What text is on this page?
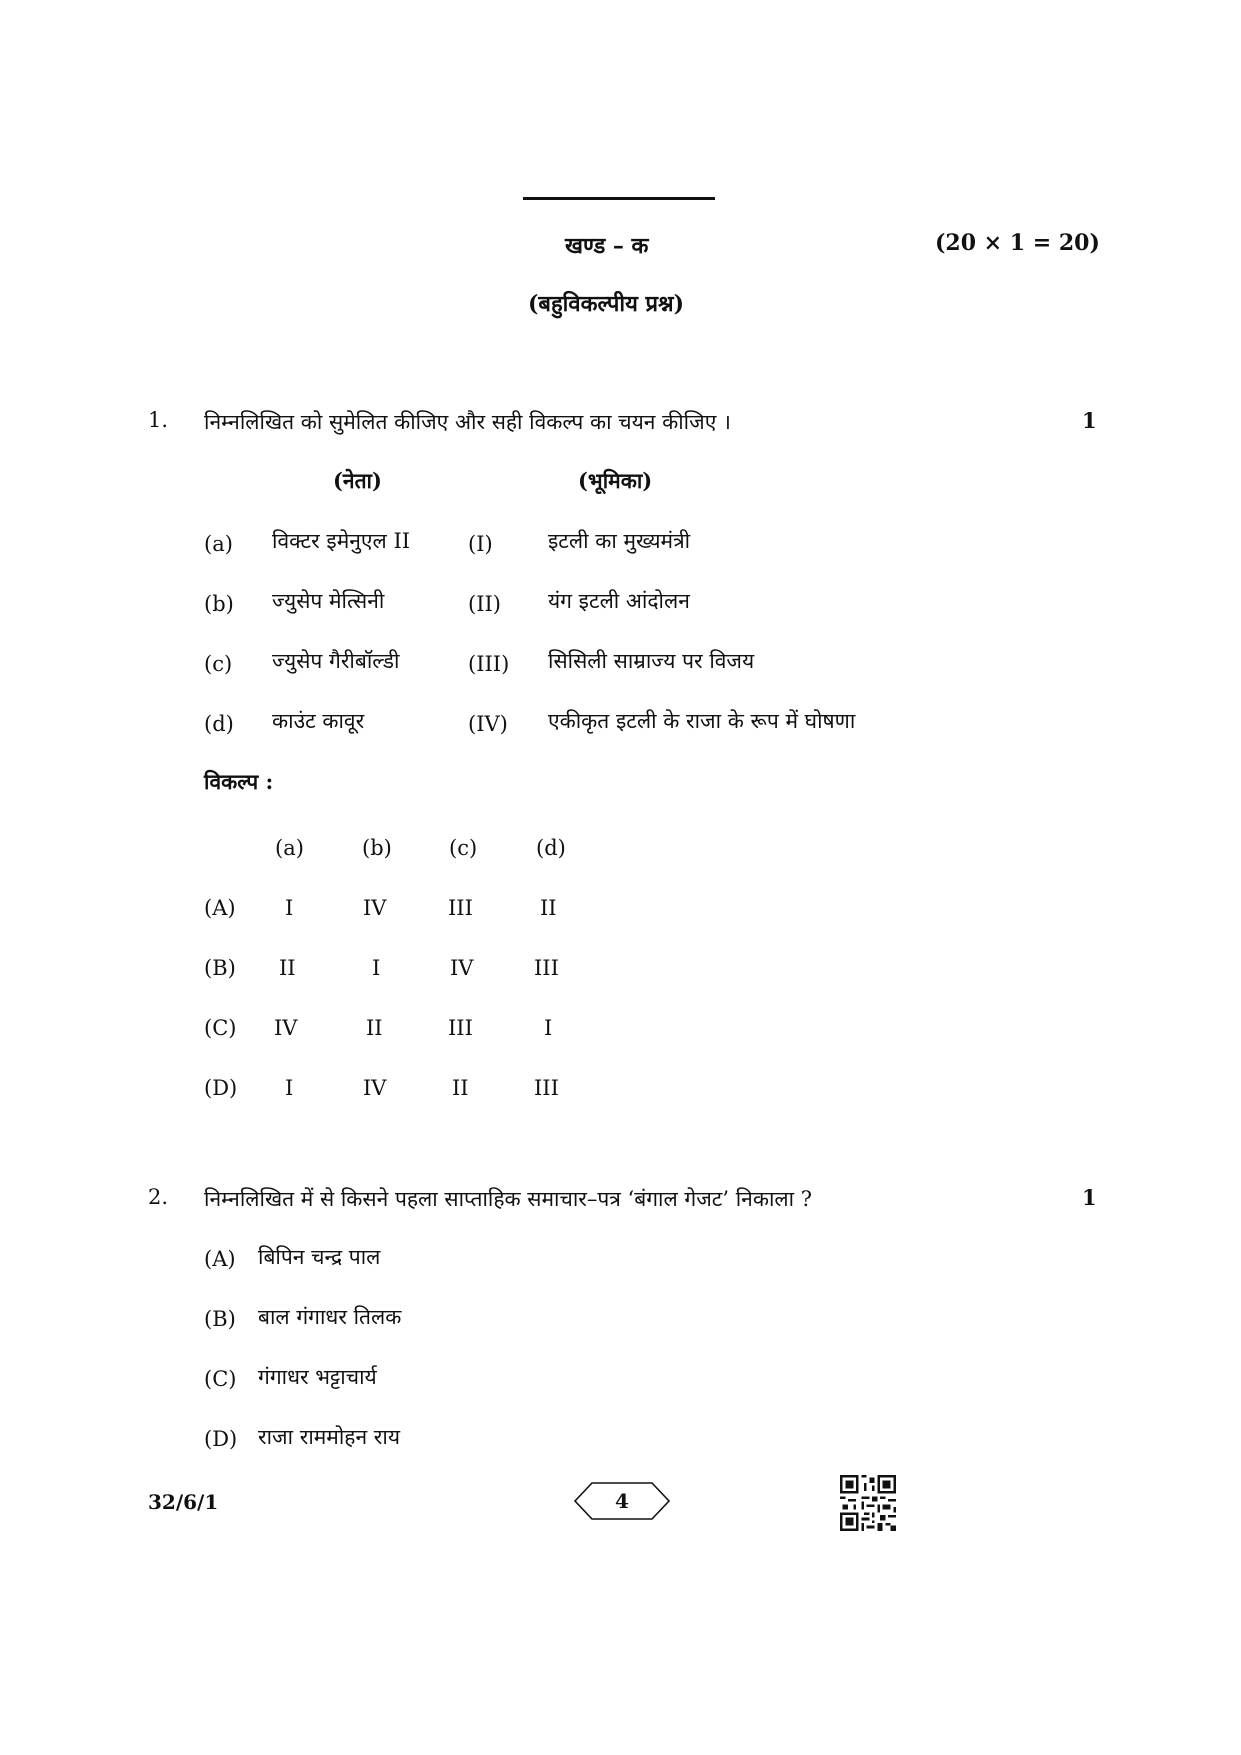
खण्ड – क	(20 × 1 = 20)
(बहुविकल्पीय प्रश्न)
1. निम्नलिखित को सुमेलित कीजिए और सही विकल्प का चयन कीजिए ।	1
(नेता)	(भूमिका)
(a) विक्टर इमेनुएल II	(I)	इटली का मुख्यमंत्री
(b) ज्युसेप मेत्सिनी	(II) यंग इटली आंदोलन
(c) ज्युसेप गैरीबॉल्डी	(III) सिसिली साम्राज्य पर विजय
(d) काउंट कावूर	(IV) एकीकृत इटली के राजा के रूप में घोषणा
विकल्प :
(a)	(b)	(c)	(d)
(A) I	IV	III	II
(B) II	I	IV	III
(C) IV	II	III	I
(D) I	IV	II	III
2. निम्नलिखित में से किसने पहला साप्ताहिक समाचार–पत्र ‘बंगाल गेजट’ निकाला ?	1
(A) बिपिन चन्द्र पाल
(B) बाल गंगाधर तिलक
(C) गंगाधर भट्टाचार्य
(D) राजा राममोहन राय
32/6/1	4
